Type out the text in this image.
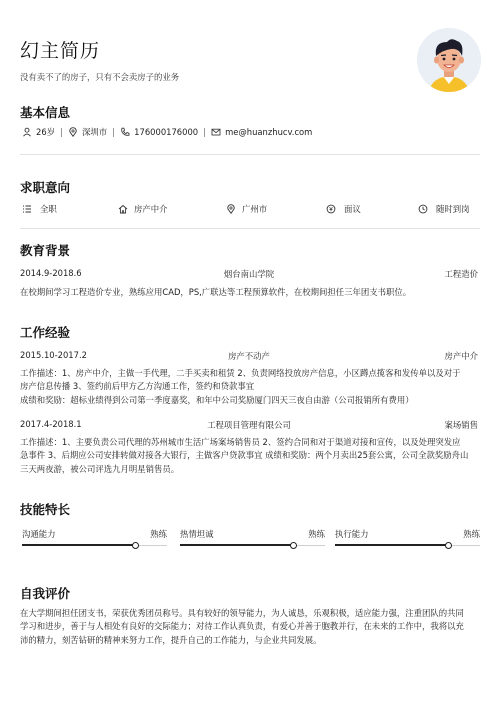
幻主简历
没有卖不了的房子，只有不会卖房子的业务
基本信息
26岁	深圳市	176000176000	me@huanzhucv.com
求职意向
全职	房产中介	广州市	面议	随时到岗
教育背景
2014.9-2018.6	烟台南山学院	工程造价
在校期间学习工程造价专业，熟练应用CAD，PS,广联达等工程预算软件，在校期间担任三年团支书职位。
工作经验
2015.10-2017.2	房产不动产	房产中介
工作描述：1、房产中介，主做一手代理，二手买卖和租赁 2、负责网络投放房产信息，小区蹲点揽客和发传单以及对于
房产信息传播 3、签约前后甲方乙方沟通工作，签约和贷款事宜
成绩和奖励：超标业绩得到公司第一季度嘉奖，和年中公司奖励厦门四天三夜自由游（公司报销所有费用）
2017.4-2018.1	工程项目管理有限公司	案场销售
工作描述：1、主要负责公司代理的苏州城市生活广场案场销售员 2、签约合同和对于渠道对接和宣传，以及处理突发应
急事件 3、后期应公司安排转做对接各大银行，主做客户贷款事宜 成绩和奖励：两个月卖出25套公寓，公司全款奖励舟山
三天两夜游，被公司评选九月明星销售员。
技能特长
沟通能力	熟练 热情坦诚	熟练 执行能力	熟练
自我评价
在大学期间担任团支书，荣获优秀团员称号。具有较好的领导能力，为人诚恳，乐观积极，适应能力强，注重团队的共同
学习和进步，善于与人相处有良好的交际能力；对待工作认真负责，有爱心并善于胞教并行，在未来的工作中，我将以充
沛的精力，刻苦钻研的精神来努力工作，提升自己的工作能力，与企业共同发展。
